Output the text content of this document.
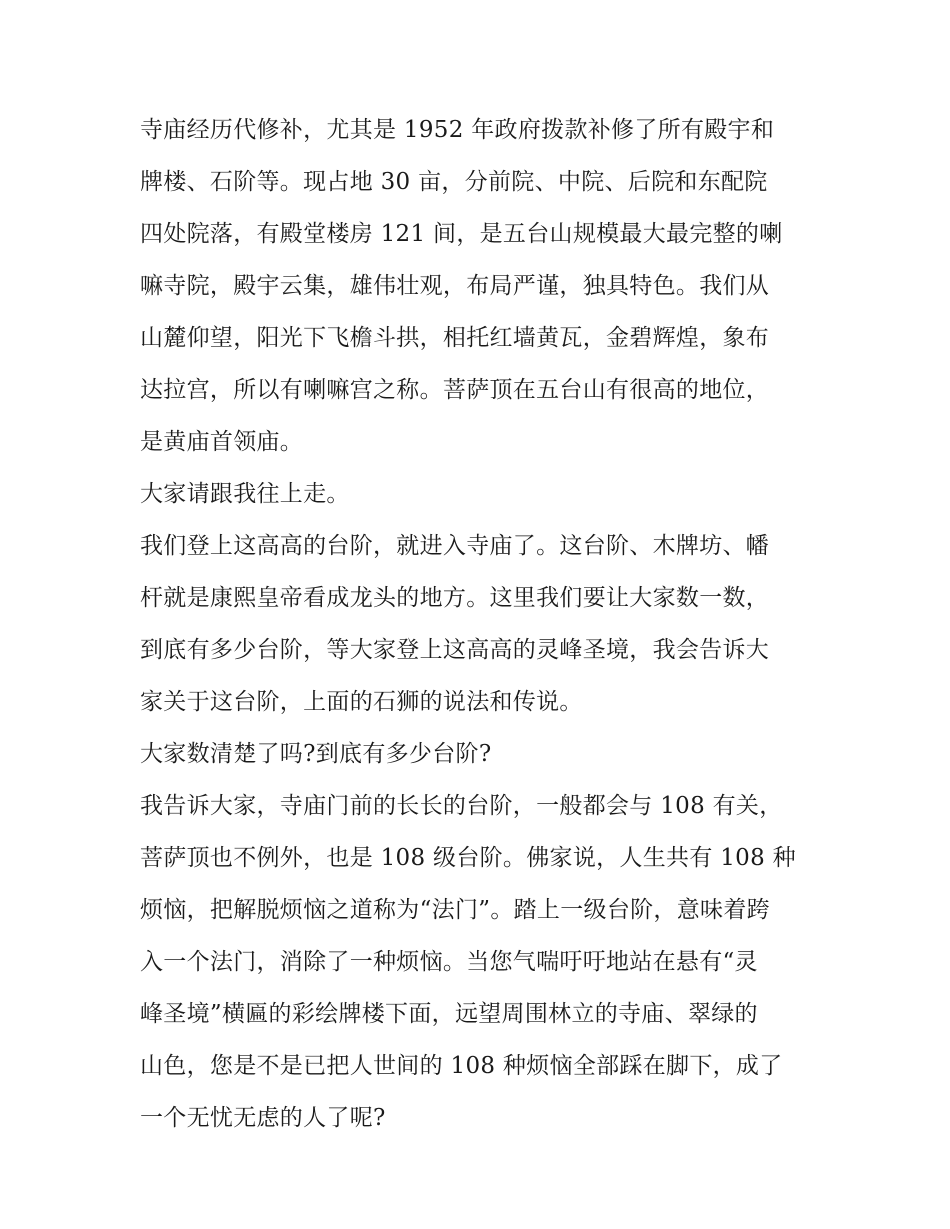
寺庙经历代修补，尤其是 1952 年政府拨款补修了所有殿宇和
牌楼、石阶等。现占地 30 亩，分前院、中院、后院和东配院
四处院落，有殿堂楼房 121 间，是五台山规模最大最完整的喇
嘛寺院，殿宇云集，雄伟壮观，布局严谨，独具特色。我们从
山麓仰望，阳光下飞檐斗拱，相托红墙黄瓦，金碧辉煌，象布
达拉宫，所以有喇嘛宫之称。菩萨顶在五台山有很高的地位，
是黄庙首领庙。
大家请跟我往上走。
我们登上这高高的台阶，就进入寺庙了。这台阶、木牌坊、幡
杆就是康熙皇帝看成龙头的地方。这里我们要让大家数一数，
到底有多少台阶，等大家登上这高高的灵峰圣境，我会告诉大
家关于这台阶，上面的石狮的说法和传说。
大家数清楚了吗?到底有多少台阶?
我告诉大家，寺庙门前的长长的台阶，一般都会与 108 有关，
菩萨顶也不例外，也是 108 级台阶。佛家说，人生共有 108 种
烦恼，把解脱烦恼之道称为“法门”。踏上一级台阶，意味着跨
入一个法门，消除了一种烦恼。当您气喘吁吁地站在悬有“灵
峰圣境”横匾的彩绘牌楼下面，远望周围林立的寺庙、翠绿的
山色，您是不是已把人世间的 108 种烦恼全部踩在脚下，成了
一个无忧无虑的人了呢?
